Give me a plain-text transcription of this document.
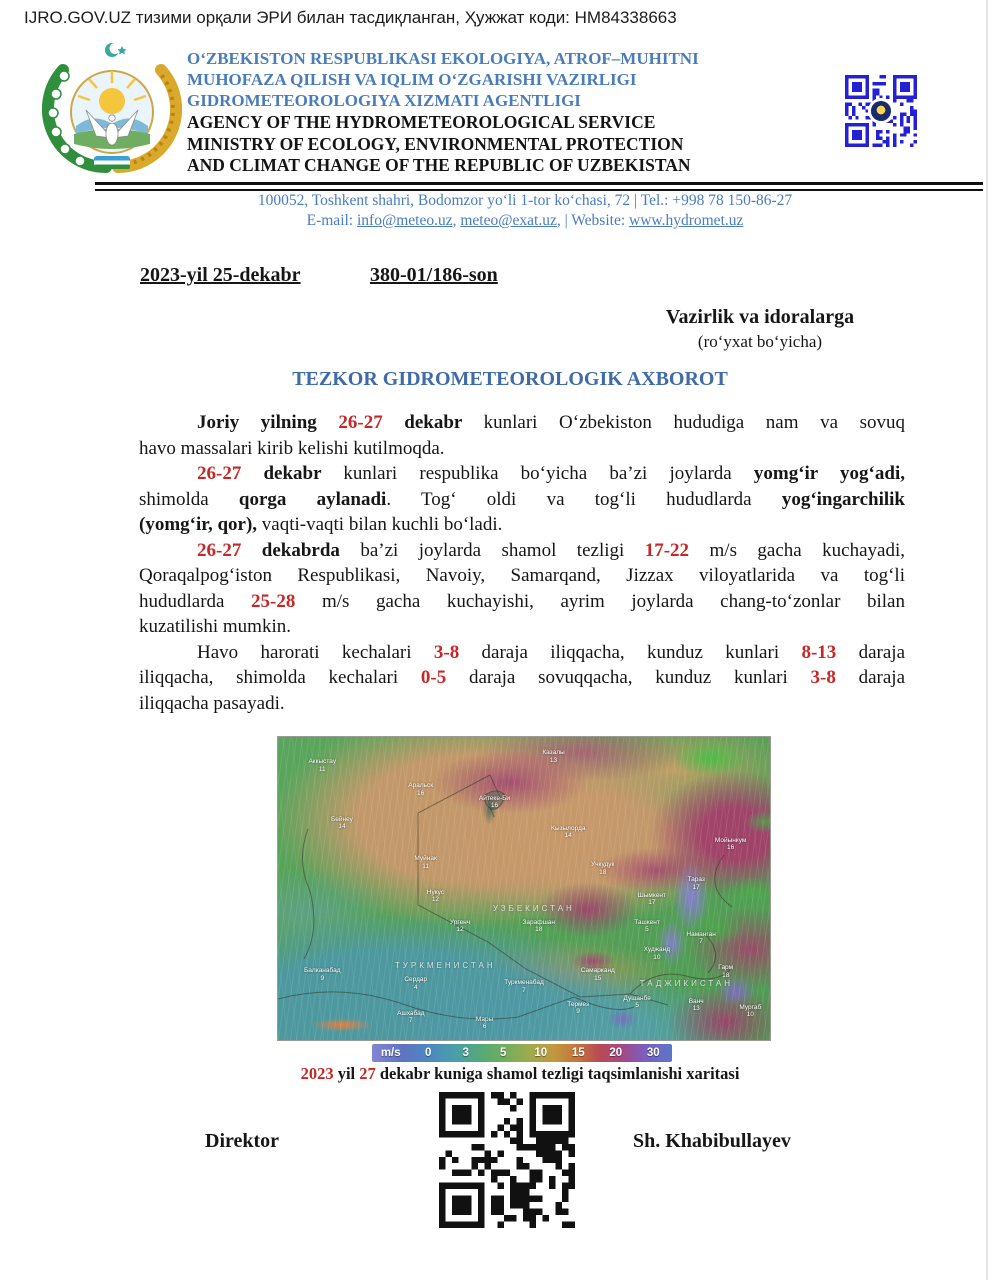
IJRO.GOV.UZ тизими орқали ЭРИ билан тасдиқланган, Ҳужжат коди: HM84338663
O‘ZBEKISTON RESPUBLIKASI EKOLOGIYA, ATROF–MUHITNI
MUHOFAZA QILISH VA IQLIM O‘ZGARISHI VAZIRLIGI
GIDROMETEOROLOGIYA XIZMATI AGENTLIGI
AGENCY OF THE HYDROMETEOROLOGICAL SERVICE
MINISTRY OF ECOLOGY, ENVIRONMENTAL PROTECTION
AND CLIMAT CHANGE OF THE REPUBLIC OF UZBEKISTAN
100052, Toshkent shahri, Bodomzor yo‘li 1-tor ko‘chasi, 72 | Tel.: +998 78 150-86-27
E-mail: info@meteo.uz, meteo@exat.uz, | Website: www.hydromet.uz
2023-yil 25-dekabr	380-01/186-son
Vazirlik va idoralarga
(ro‘yxat bo‘yicha)
TEZKOR GIDROMETEOROLOGIK AXBOROT
Joriy yilning 26-27 dekabr kunlari O‘zbekiston hududiga nam va sovuq
havo massalari kirib kelishi kutilmoqda.
26-27 dekabr kunlari respublika bo‘yicha ba’zi joylarda yomg‘ir yog‘adi,
shimolda qorga aylanadi. Tog‘ oldi va tog‘li hududlarda yog‘ingarchilik
(yomg‘ir, qor), vaqti-vaqti bilan kuchli bo‘ladi.
26-27 dekabrda ba’zi joylarda shamol tezligi 17-22 m/s gacha kuchayadi,
Qoraqalpog‘iston Respublikasi, Navoiy, Samarqand, Jizzax viloyatlarida va tog‘li
hududlarda 25-28 m/s gacha kuchayishi, ayrim joylarda chang-to‘zonlar bilan
kuzatilishi mumkin.
Havo harorati kechalari 3-8 daraja iliqqacha, kunduz kunlari 8-13 daraja
iliqqacha, shimolda kechalari 0-5 daraja sovuqqacha, kunduz kunlari 3-8 daraja
iliqqacha pasayadi.
УЗБЕКИСТАН
ТУРКМЕНИСТАН
ТАДЖИКИСТАН
Аккыстау
11
Бейнеу
14
Аральск
16
Айтеке-Би
16
Казалы
13
Кызылорда
14
Муйнак
11
Нукус
12
Ургенч
12
Зарафшан
18
Учкудук
18
Мойынкум
16
Тараз
17
Шымкент
17
Ташкент
5
Наманган
7
Худжанд
10
Самарканд
15
Гарм
18
Ванч
13	Мургаб
10
Душанбе
5
Термез
9
Туркменабад
7
Мары
6
Ашхабад
7
Сердар
4
Балканабад
9
m/s	0	3	5	10	15	20	30
2023 yil 27 dekabr kuniga shamol tezligi taqsimlanishi xaritasi
Direktor	Sh. Khabibullayev
